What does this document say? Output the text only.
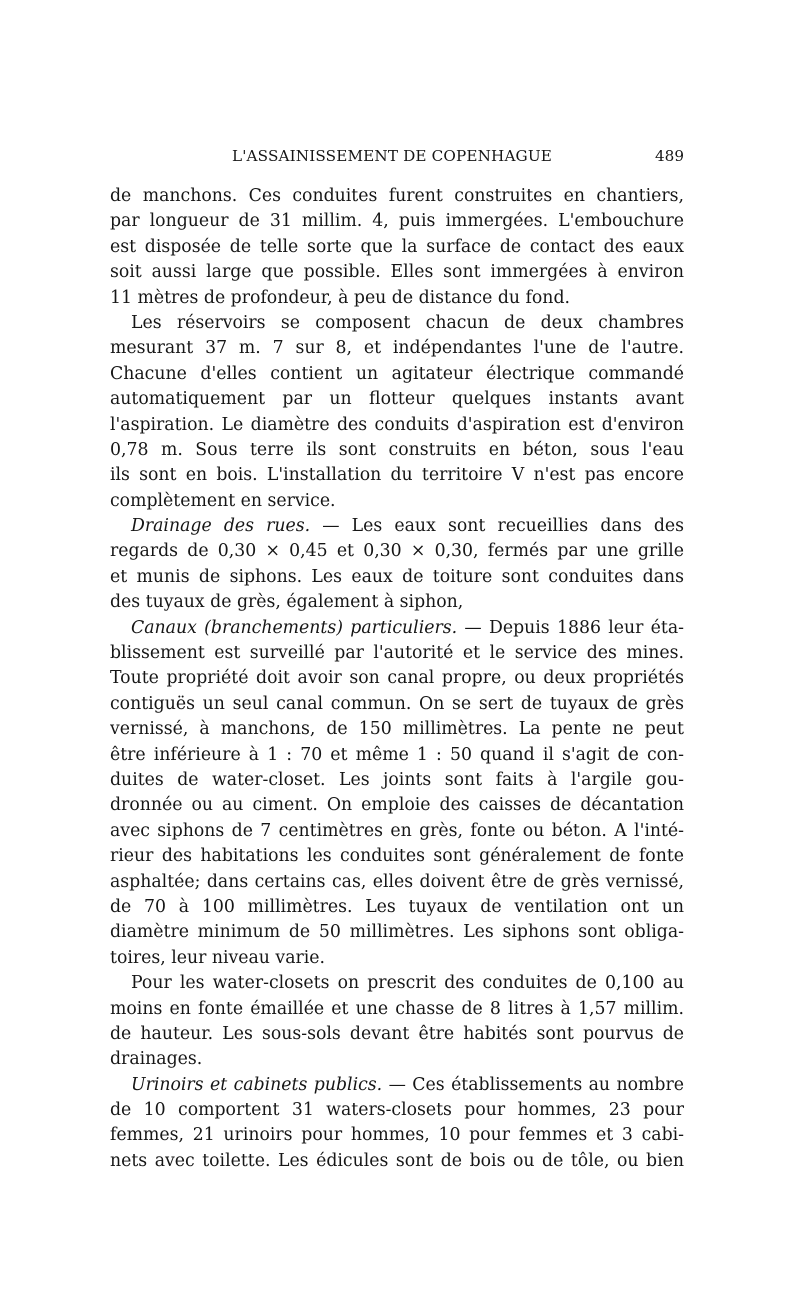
L'ASSAINISSEMENT DE COPENHAGUE	489
de manchons. Ces conduites furent construites en chantiers,
par longueur de 31 millim. 4, puis immergées. L'embouchure
est disposée de telle sorte que la surface de contact des eaux
soit aussi large que possible. Elles sont immergées à environ
11 mètres de profondeur, à peu de distance du fond.
Les réservoirs se composent chacun de deux chambres
mesurant 37 m. 7 sur 8, et indépendantes l'une de l'autre.
Chacune d'elles contient un agitateur électrique commandé
automatiquement par un flotteur quelques instants avant
l'aspiration. Le diamètre des conduits d'aspiration est d'environ
0,78 m. Sous terre ils sont construits en béton, sous l'eau
ils sont en bois. L'installation du territoire V n'est pas encore
complètement en service.
Drainage des rues. — Les eaux sont recueillies dans des
regards de 0,30 × 0,45 et 0,30 × 0,30, fermés par une grille
et munis de siphons. Les eaux de toiture sont conduites dans
des tuyaux de grès, également à siphon,
Canaux (branchements) particuliers. — Depuis 1886 leur éta-
blissement est surveillé par l'autorité et le service des mines.
Toute propriété doit avoir son canal propre, ou deux propriétés
contiguës un seul canal commun. On se sert de tuyaux de grès
vernissé, à manchons, de 150 millimètres. La pente ne peut
être inférieure à 1 : 70 et même 1 : 50 quand il s'agit de con-
duites de water-closet. Les joints sont faits à l'argile gou-
dronnée ou au ciment. On emploie des caisses de décantation
avec siphons de 7 centimètres en grès, fonte ou béton. A l'inté-
rieur des habitations les conduites sont généralement de fonte
asphaltée; dans certains cas, elles doivent être de grès vernissé,
de 70 à 100 millimètres. Les tuyaux de ventilation ont un
diamètre minimum de 50 millimètres. Les siphons sont obliga-
toires, leur niveau varie.
Pour les water-closets on prescrit des conduites de 0,100 au
moins en fonte émaillée et une chasse de 8 litres à 1,57 millim.
de hauteur. Les sous-sols devant être habités sont pourvus de
drainages.
Urinoirs et cabinets publics. — Ces établissements au nombre
de 10 comportent 31 waters-closets pour hommes, 23 pour
femmes, 21 urinoirs pour hommes, 10 pour femmes et 3 cabi-
nets avec toilette. Les édicules sont de bois ou de tôle, ou bien
